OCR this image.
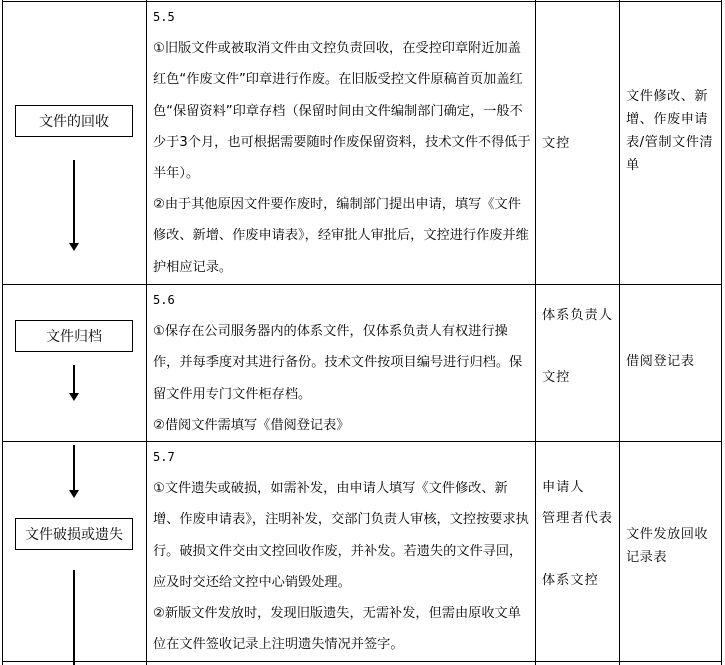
文件的回收

5.5

①旧版文件或被取消文件由文控负责回收，在受控印章附近加盖红色“作废文件”印章进行作废。在旧版受控文件原稿首页加盖红色“保留资料”印章存档（保留时间由文件编制部门确定，一般不少于3个月，也可根据需要随时作废保留资料，技术文件不得低于半年）。

②由于其他原因文件要作废时，编制部门提出申请，填写《文件修改、新增、作废申请表》，经审批人审批后，文控进行作废并维护相应记录。

文控

文件修改、新增、作废申请表/管制文件清单
文件归档

5.6

①保存在公司服务器内的体系文件，仅体系负责人有权进行操作，并每季度对其进行备份。技术文件按项目编号进行归档。保留文件用专门文件柜存档。

②借阅文件需填写《借阅登记表》

体系负责人

文控

借阅登记表
文件破损或遗失

5.7

①文件遗失或破损，如需补发，由申请人填写《文件修改、新增、作废申请表》，注明补发，交部门负责人审核，文控按要求执行。破损文件交由文控回收作废，并补发。若遗失的文件寻回，应及时交还给文控中心销毁处理。

②新版文件发放时，发现旧版遗失，无需补发，但需由原收文单位在文件签收记录上注明遗失情况并签字。

申请人

管理者代表

体系文控

文件发放回收记录表
